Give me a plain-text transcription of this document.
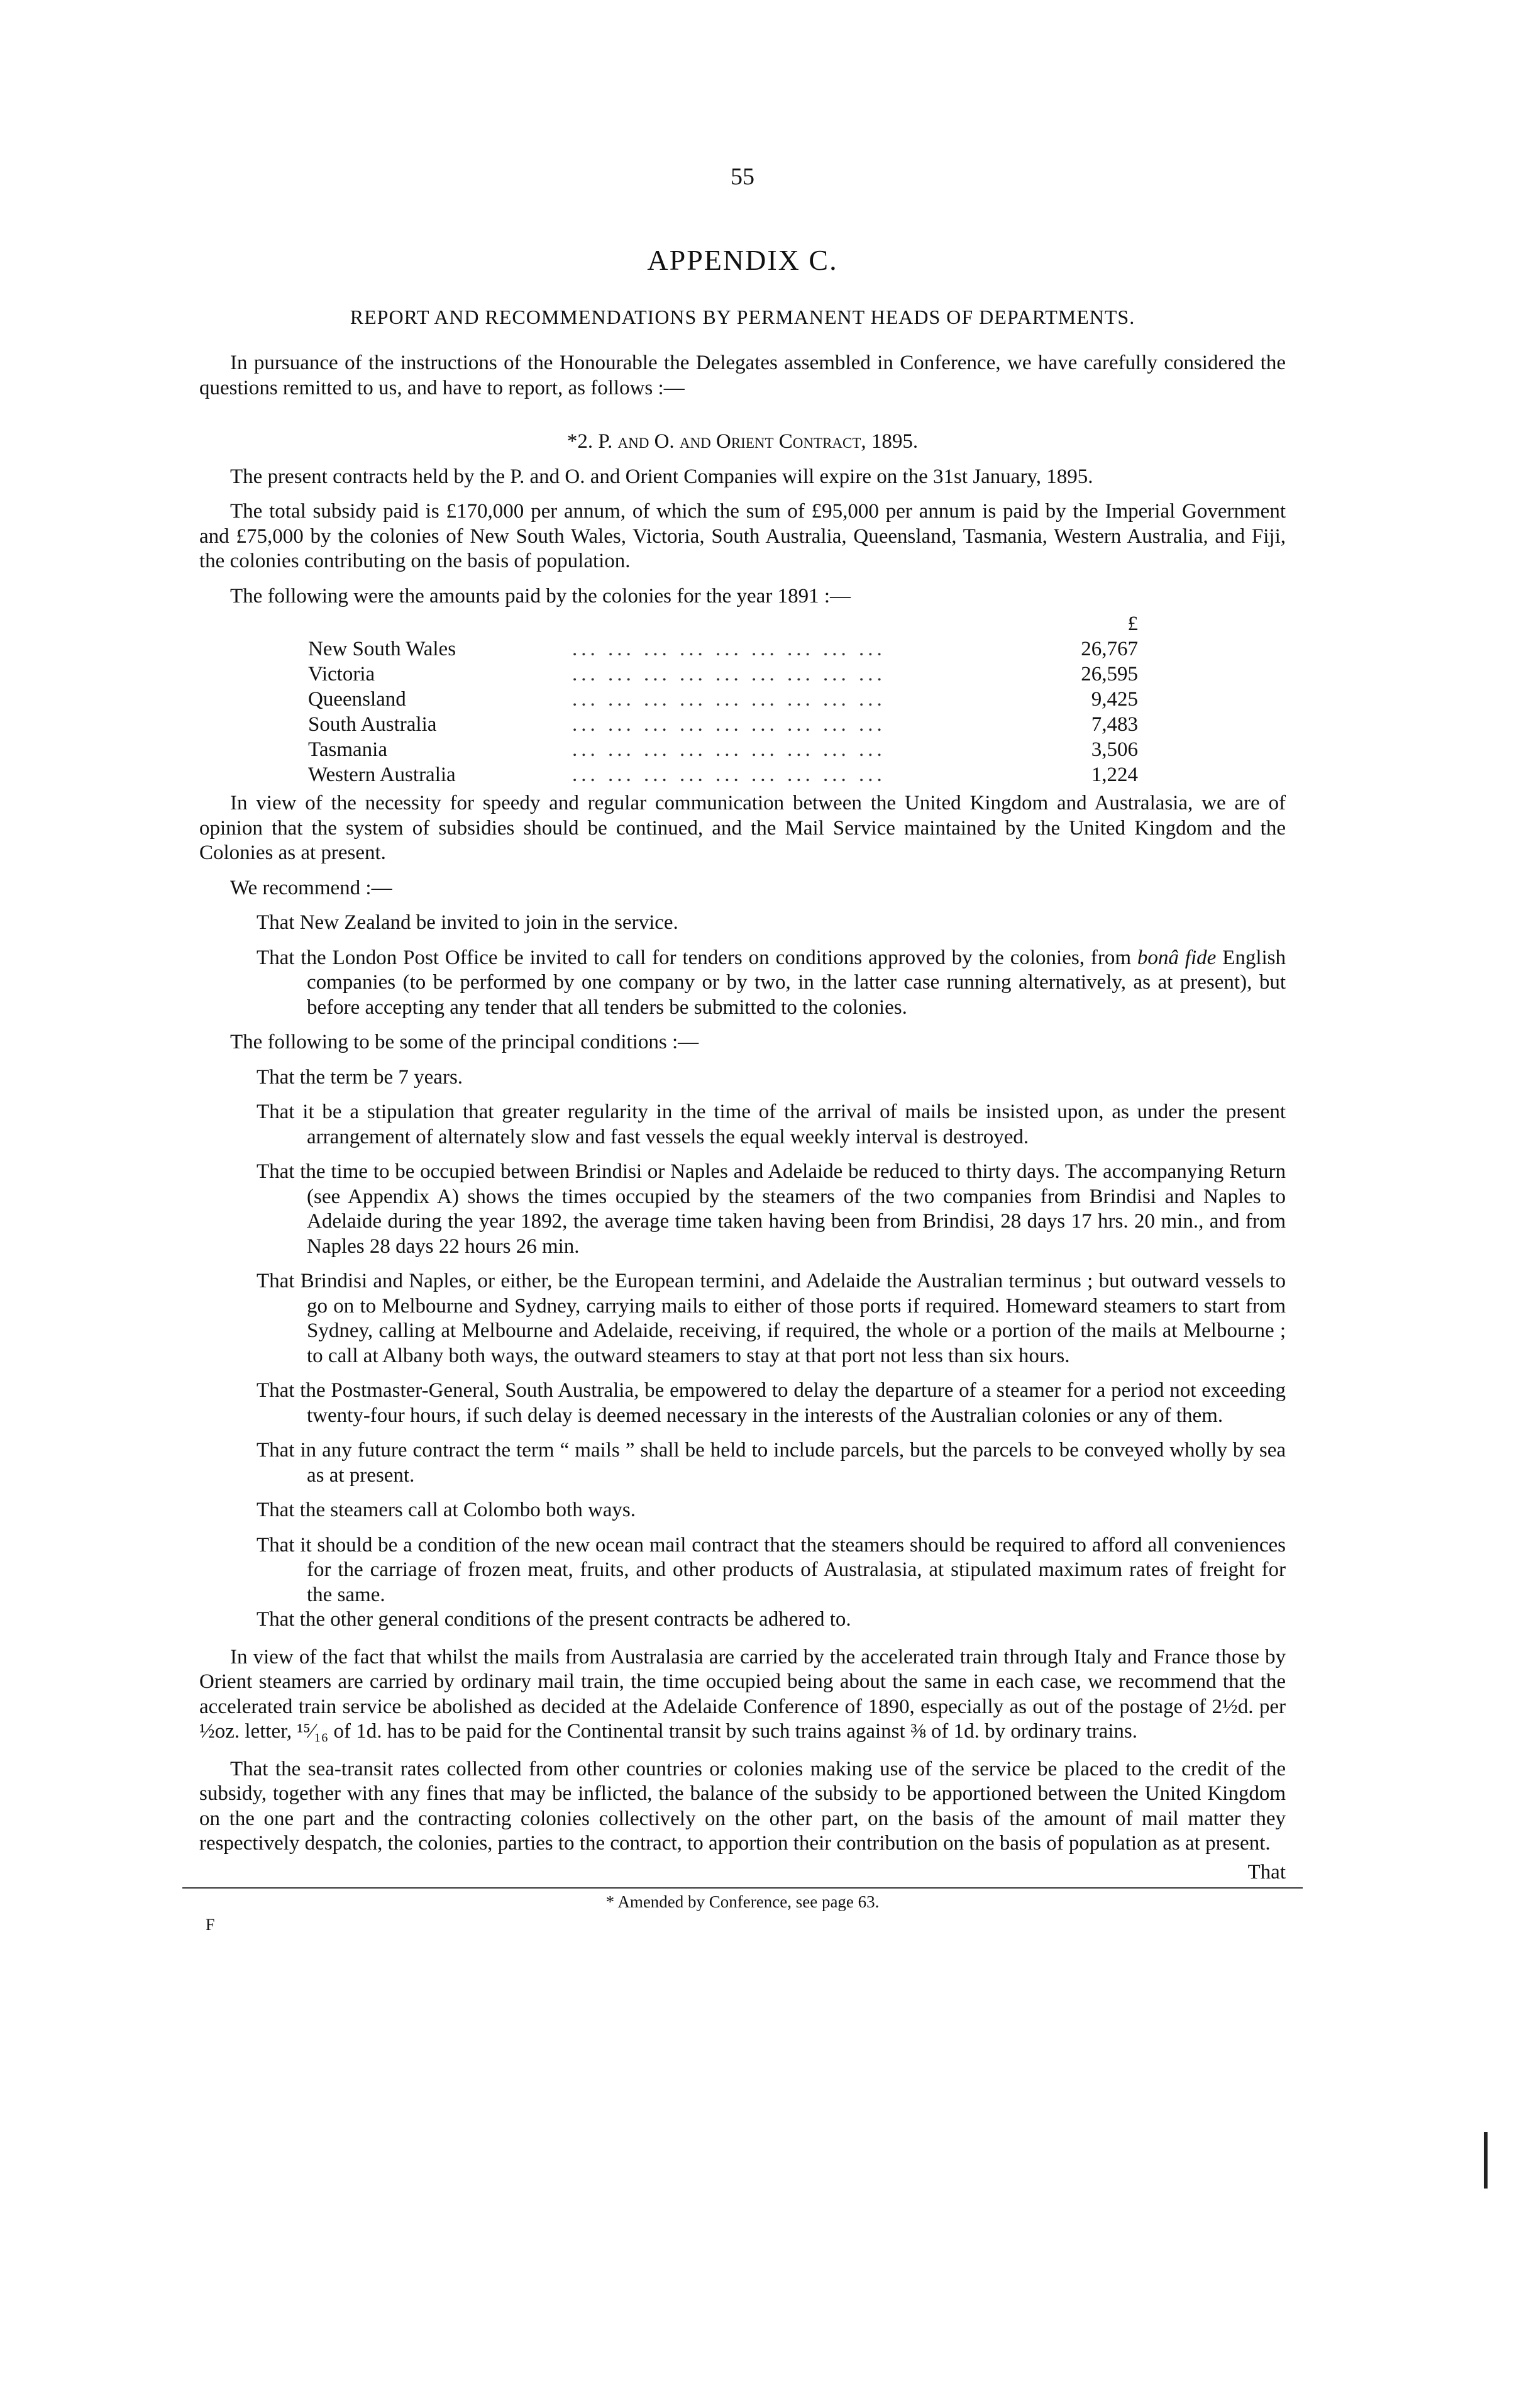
55
APPENDIX C.
REPORT AND RECOMMENDATIONS BY PERMANENT HEADS OF DEPARTMENTS.
In pursuance of the instructions of the Honourable the Delegates assembled in Conference, we have carefully considered the questions remitted to us, and have to report, as follows :—
*2. P. and O. and Orient Contract, 1895.
The present contracts held by the P. and O. and Orient Companies will expire on the 31st January, 1895.
The total subsidy paid is £170,000 per annum, of which the sum of £95,000 per annum is paid by the Imperial Government and £75,000 by the colonies of New South Wales, Victoria, South Australia, Queensland, Tasmania, Western Australia, and Fiji, the colonies contributing on the basis of population.
The following were the amounts paid by the colonies for the year 1891 :—
£
New South Wales	... ... ... ... ... ... ... ... ...	26,767
Victoria	... ... ... ... ... ... ... ... ...	26,595
Queensland	... ... ... ... ... ... ... ... ...	9,425
South Australia	... ... ... ... ... ... ... ... ...	7,483
Tasmania	... ... ... ... ... ... ... ... ...	3,506
Western Australia	... ... ... ... ... ... ... ... ...	1,224
In view of the necessity for speedy and regular communication between the United Kingdom and Australasia, we are of opinion that the system of subsidies should be continued, and the Mail Service maintained by the United Kingdom and the Colonies as at present.
We recommend :—
That New Zealand be invited to join in the service.
That the London Post Office be invited to call for tenders on conditions approved by the colonies, from bonâ fide English companies (to be performed by one company or by two, in the latter case running alternatively, as at present), but before accepting any tender that all tenders be submitted to the colonies.
The following to be some of the principal conditions :—
That the term be 7 years.
That it be a stipulation that greater regularity in the time of the arrival of mails be insisted upon, as under the present arrangement of alternately slow and fast vessels the equal weekly interval is destroyed.
That the time to be occupied between Brindisi or Naples and Adelaide be reduced to thirty days. The accompanying Return (see Appendix A) shows the times occupied by the steamers of the two companies from Brindisi and Naples to Adelaide during the year 1892, the average time taken having been from Brindisi, 28 days 17 hrs. 20 min., and from Naples 28 days 22 hours 26 min.
That Brindisi and Naples, or either, be the European termini, and Adelaide the Australian terminus ; but outward vessels to go on to Melbourne and Sydney, carrying mails to either of those ports if required. Homeward steamers to start from Sydney, calling at Melbourne and Adelaide, receiving, if required, the whole or a portion of the mails at Melbourne ; to call at Albany both ways, the outward steamers to stay at that port not less than six hours.
That the Postmaster-General, South Australia, be empowered to delay the departure of a steamer for a period not exceeding twenty-four hours, if such delay is deemed necessary in the interests of the Australian colonies or any of them.
That in any future contract the term “ mails ” shall be held to include parcels, but the parcels to be conveyed wholly by sea as at present.
That the steamers call at Colombo both ways.
That it should be a condition of the new ocean mail contract that the steamers should be required to afford all conveniences for the carriage of frozen meat, fruits, and other products of Australasia, at stipulated maximum rates of freight for the same.
That the other general conditions of the present contracts be adhered to.
In view of the fact that whilst the mails from Australasia are carried by the accelerated train through Italy and France those by Orient steamers are carried by ordinary mail train, the time occupied being about the same in each case, we recommend that the accelerated train service be abolished as decided at the Adelaide Conference of 1890, especially as out of the postage of 2½d. per ½oz. letter, ¹⁵⁄₁₆ of 1d. has to be paid for the Continental transit by such trains against ⅜ of 1d. by ordinary trains.
That the sea-transit rates collected from other countries or colonies making use of the service be placed to the credit of the subsidy, together with any fines that may be inflicted, the balance of the subsidy to be apportioned between the United Kingdom on the one part and the contracting colonies collectively on the other part, on the basis of the amount of mail matter they respectively despatch, the colonies, parties to the contract, to apportion their contribution on the basis of population as at present.
That
* Amended by Conference, see page 63.
F
